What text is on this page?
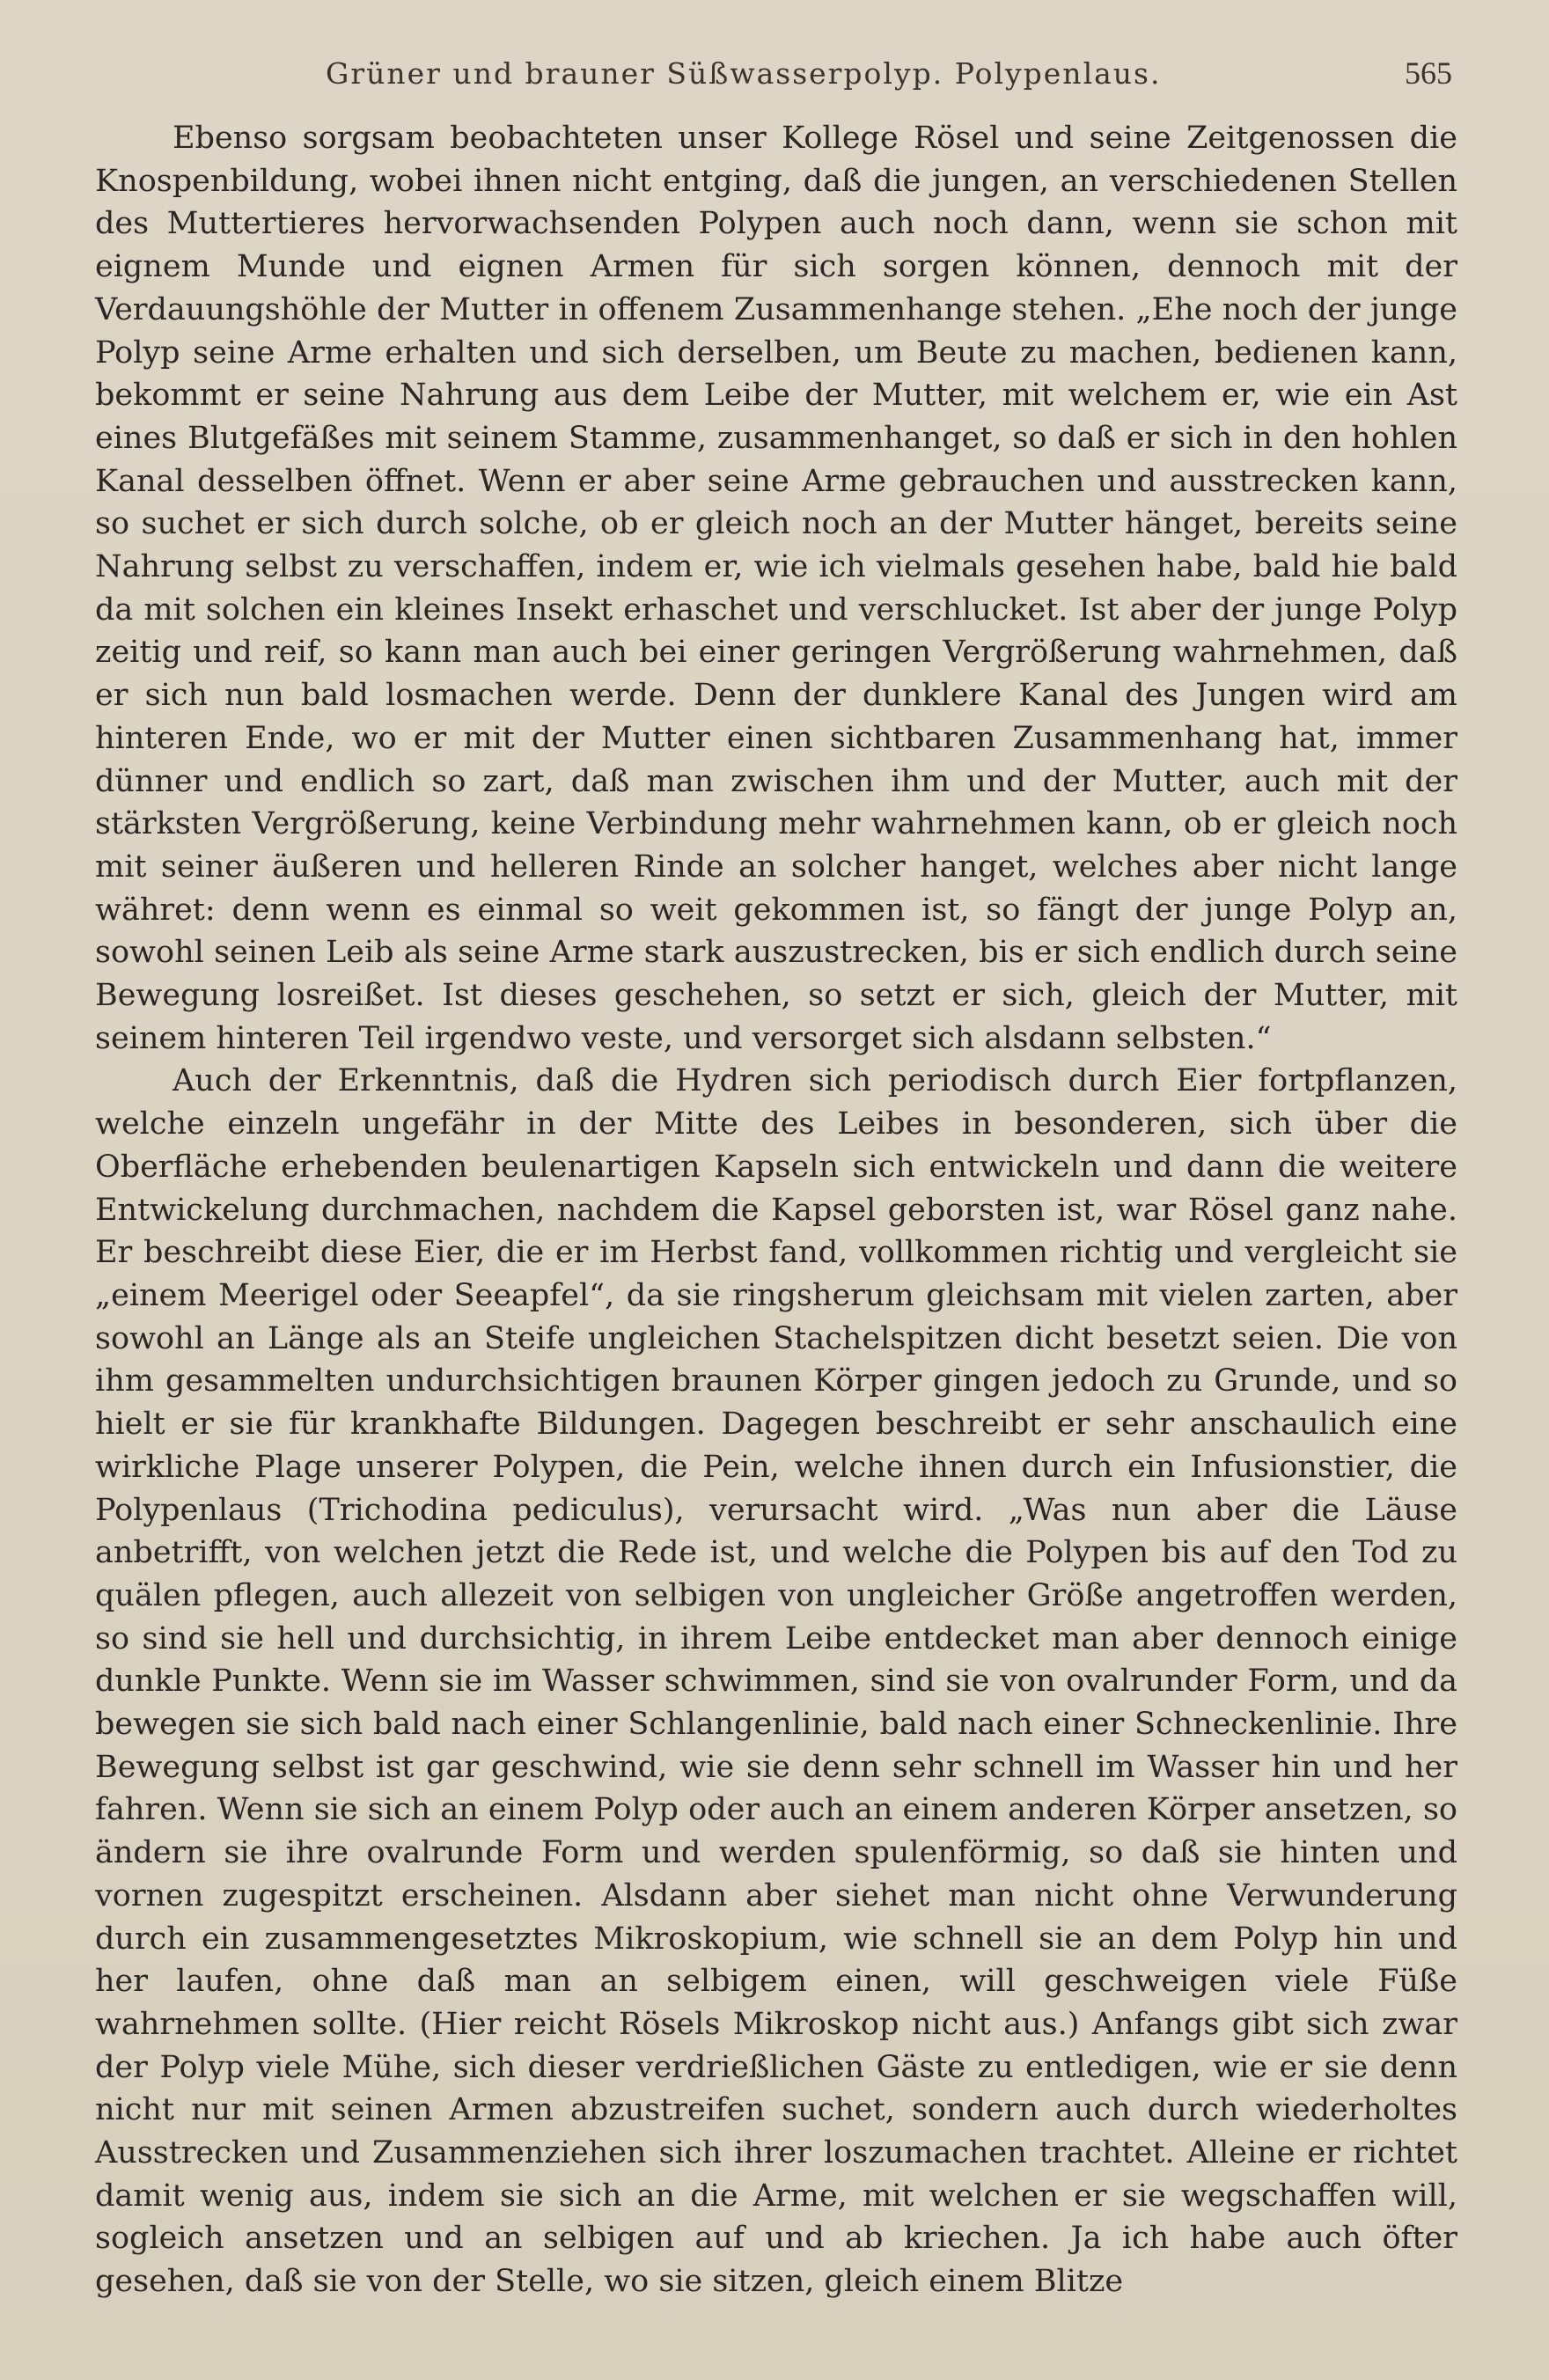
Grüner und brauner Süßwasserpolyp. Polypenlaus.	565

Ebenso sorgsam beobachteten unser Kollege Rösel und seine Zeitgenossen die Knospenbildung, wobei ihnen nicht entging, daß die jungen, an verschiedenen Stellen des Muttertieres hervorwachsenden Polypen auch noch dann, wenn sie schon mit eignem Munde und eignen Armen für sich sorgen können, dennoch mit der Verdauungshöhle der Mutter in offenem Zusammenhange stehen. „Ehe noch der junge Polyp seine Arme erhalten und sich derselben, um Beute zu machen, bedienen kann, bekommt er seine Nahrung aus dem Leibe der Mutter, mit welchem er, wie ein Ast eines Blutgefäßes mit seinem Stamme, zusammenhanget, so daß er sich in den hohlen Kanal desselben öffnet. Wenn er aber seine Arme gebrauchen und ausstrecken kann, so suchet er sich durch solche, ob er gleich noch an der Mutter hänget, bereits seine Nahrung selbst zu verschaffen, indem er, wie ich vielmals gesehen habe, bald hie bald da mit solchen ein kleines Insekt erhaschet und verschlucket. Ist aber der junge Polyp zeitig und reif, so kann man auch bei einer geringen Vergrößerung wahrnehmen, daß er sich nun bald losmachen werde. Denn der dunklere Kanal des Jungen wird am hinteren Ende, wo er mit der Mutter einen sichtbaren Zusammenhang hat, immer dünner und endlich so zart, daß man zwischen ihm und der Mutter, auch mit der stärksten Vergrößerung, keine Verbindung mehr wahrnehmen kann, ob er gleich noch mit seiner äußeren und helleren Rinde an solcher hanget, welches aber nicht lange währet: denn wenn es einmal so weit gekommen ist, so fängt der junge Polyp an, sowohl seinen Leib als seine Arme stark auszustrecken, bis er sich endlich durch seine Bewegung losreißet. Ist dieses geschehen, so setzt er sich, gleich der Mutter, mit seinem hinteren Teil irgendwo veste, und versorget sich alsdann selbsten.“

Auch der Erkenntnis, daß die Hydren sich periodisch durch Eier fortpflanzen, welche einzeln ungefähr in der Mitte des Leibes in besonderen, sich über die Oberfläche erhebenden beulenartigen Kapseln sich entwickeln und dann die weitere Entwickelung durchmachen, nachdem die Kapsel geborsten ist, war Rösel ganz nahe. Er beschreibt diese Eier, die er im Herbst fand, vollkommen richtig und vergleicht sie „einem Meerigel oder Seeapfel“, da sie ringsherum gleichsam mit vielen zarten, aber sowohl an Länge als an Steife ungleichen Stachelspitzen dicht besetzt seien. Die von ihm gesammelten undurchsichtigen braunen Körper gingen jedoch zu Grunde, und so hielt er sie für krankhafte Bildungen. Dagegen beschreibt er sehr anschaulich eine wirkliche Plage unserer Polypen, die Pein, welche ihnen durch ein Infusionstier, die Polypenlaus (Trichodina pediculus), verursacht wird. „Was nun aber die Läuse anbetrifft, von welchen jetzt die Rede ist, und welche die Polypen bis auf den Tod zu quälen pflegen, auch allezeit von selbigen von ungleicher Größe angetroffen werden, so sind sie hell und durchsichtig, in ihrem Leibe entdecket man aber dennoch einige dunkle Punkte. Wenn sie im Wasser schwimmen, sind sie von ovalrunder Form, und da bewegen sie sich bald nach einer Schlangenlinie, bald nach einer Schneckenlinie. Ihre Bewegung selbst ist gar geschwind, wie sie denn sehr schnell im Wasser hin und her fahren. Wenn sie sich an einem Polyp oder auch an einem anderen Körper ansetzen, so ändern sie ihre ovalrunde Form und werden spulenförmig, so daß sie hinten und vornen zugespitzt erscheinen. Alsdann aber siehet man nicht ohne Verwunderung durch ein zusammengesetztes Mikroskopium, wie schnell sie an dem Polyp hin und her laufen, ohne daß man an selbigem einen, will geschweigen viele Füße wahrnehmen sollte. (Hier reicht Rösels Mikroskop nicht aus.) Anfangs gibt sich zwar der Polyp viele Mühe, sich dieser verdrießlichen Gäste zu entledigen, wie er sie denn nicht nur mit seinen Armen abzustreifen suchet, sondern auch durch wiederholtes Ausstrecken und Zusammenziehen sich ihrer loszumachen trachtet. Alleine er richtet damit wenig aus, indem sie sich an die Arme, mit welchen er sie wegschaffen will, sogleich ansetzen und an selbigen auf und ab kriechen. Ja ich habe auch öfter gesehen, daß sie von der Stelle, wo sie sitzen, gleich einem Blitze
